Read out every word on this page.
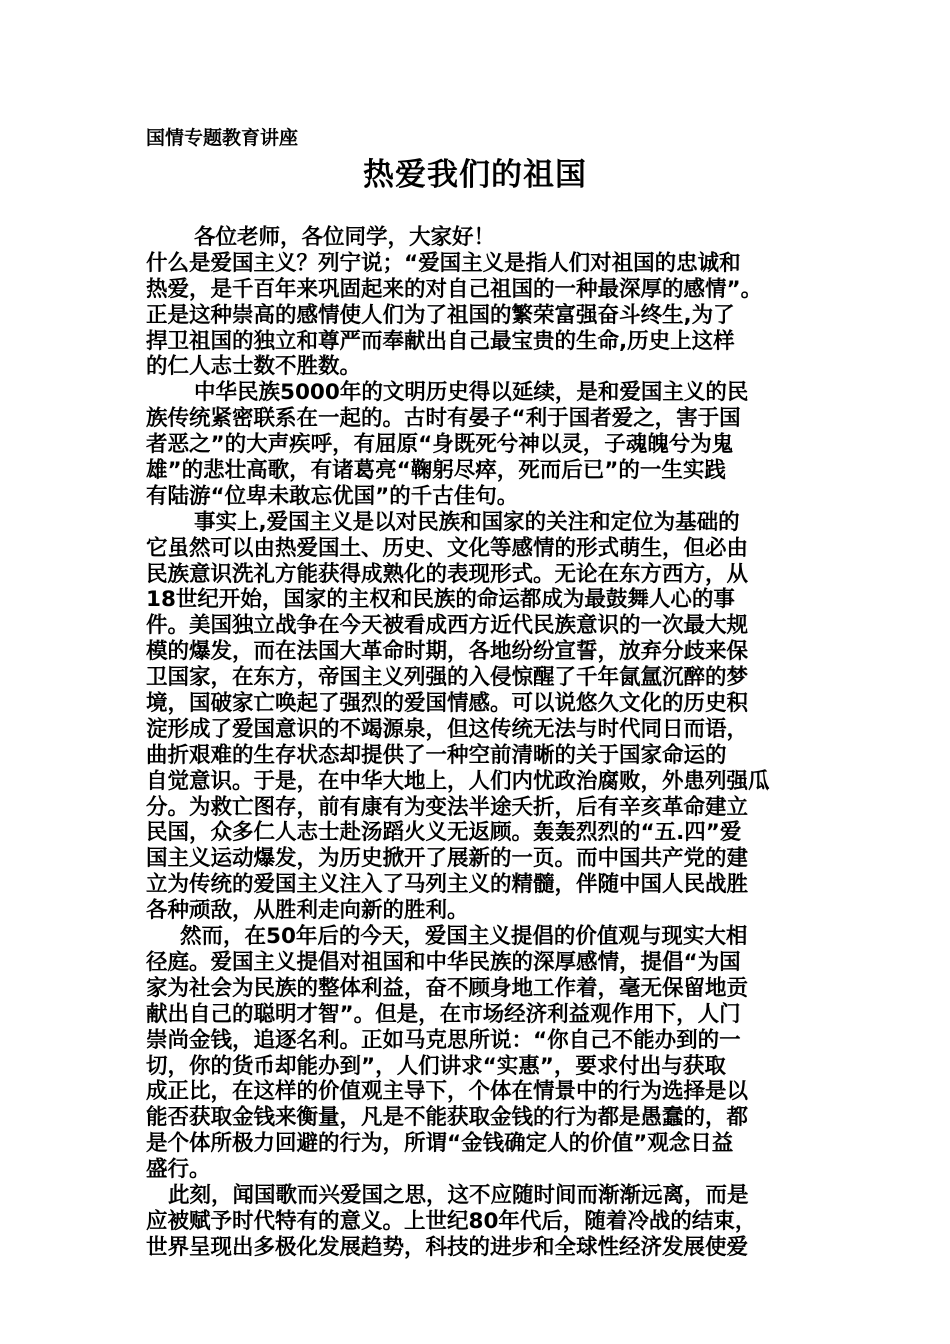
国情专题教育讲座
热爱我们的祖国
各位老师，各位同学，大家好！
什么是爱国主义？列宁说；“爱国主义是指人们对祖国的忠诚和
热爱，是千百年来巩固起来的对自己祖国的一种最深厚的感情”。
正是这种崇高的感情使人们为了祖国的繁荣富强奋斗终生,为了
捍卫祖国的独立和尊严而奉献出自己最宝贵的生命,历史上这样
的仁人志士数不胜数。
中华民族5000年的文明历史得以延续，是和爱国主义的民
族传统紧密联系在一起的。古时有晏子“利于国者爱之，害于国
者恶之”的大声疾呼，有屈原“身既死兮神以灵，子魂魄兮为鬼
雄”的悲壮高歌，有诸葛亮“鞠躬尽瘁，死而后已”的一生实践
有陆游“位卑未敢忘优国”的千古佳句。
事实上,爱国主义是以对民族和国家的关注和定位为基础的
它虽然可以由热爱国土、历史、文化等感情的形式萌生，但必由
民族意识洗礼方能获得成熟化的表现形式。无论在东方西方，从
18世纪开始，国家的主权和民族的命运都成为最鼓舞人心的事
件。美国独立战争在今天被看成西方近代民族意识的一次最大规
模的爆发，而在法国大革命时期，各地纷纷宣誓，放弃分歧来保
卫国家，在东方，帝国主义列强的入侵惊醒了千年氤氲沉醉的梦
境，国破家亡唤起了强烈的爱国情感。可以说悠久文化的历史积
淀形成了爱国意识的不竭源泉，但这传统无法与时代同日而语，
曲折艰难的生存状态却提供了一种空前清晰的关于国家命运的
自觉意识。于是，在中华大地上，人们内忧政治腐败，外患列强瓜
分。为救亡图存，前有康有为变法半途夭折，后有辛亥革命建立
民国，众多仁人志士赴汤蹈火义无返顾。轰轰烈烈的“五.四”爱
国主义运动爆发，为历史掀开了展新的一页。而中国共产党的建
立为传统的爱国主义注入了马列主义的精髓，伴随中国人民战胜
各种顽敌，从胜利走向新的胜利。
然而，在50年后的今天，爱国主义提倡的价值观与现实大相
径庭。爱国主义提倡对祖国和中华民族的深厚感情，提倡“为国
家为社会为民族的整体利益，奋不顾身地工作着，毫无保留地贡
献出自己的聪明才智”。但是，在市场经济利益观作用下，人门
崇尚金钱，追逐名利。正如马克思所说：“你自己不能办到的一
切，你的货币却能办到”，人们讲求“实惠”，要求付出与获取
成正比，在这样的价值观主导下，个体在情景中的行为选择是以
能否获取金钱来衡量，凡是不能获取金钱的行为都是愚蠢的，都
是个体所极力回避的行为，所谓“金钱确定人的价值”观念日益
盛行。
此刻，闻国歌而兴爱国之思，这不应随时间而渐渐远离，而是
应被赋予时代特有的意义。上世纪80年代后，随着冷战的结束，
世界呈现出多极化发展趋势，科技的进步和全球性经济发展使爱
